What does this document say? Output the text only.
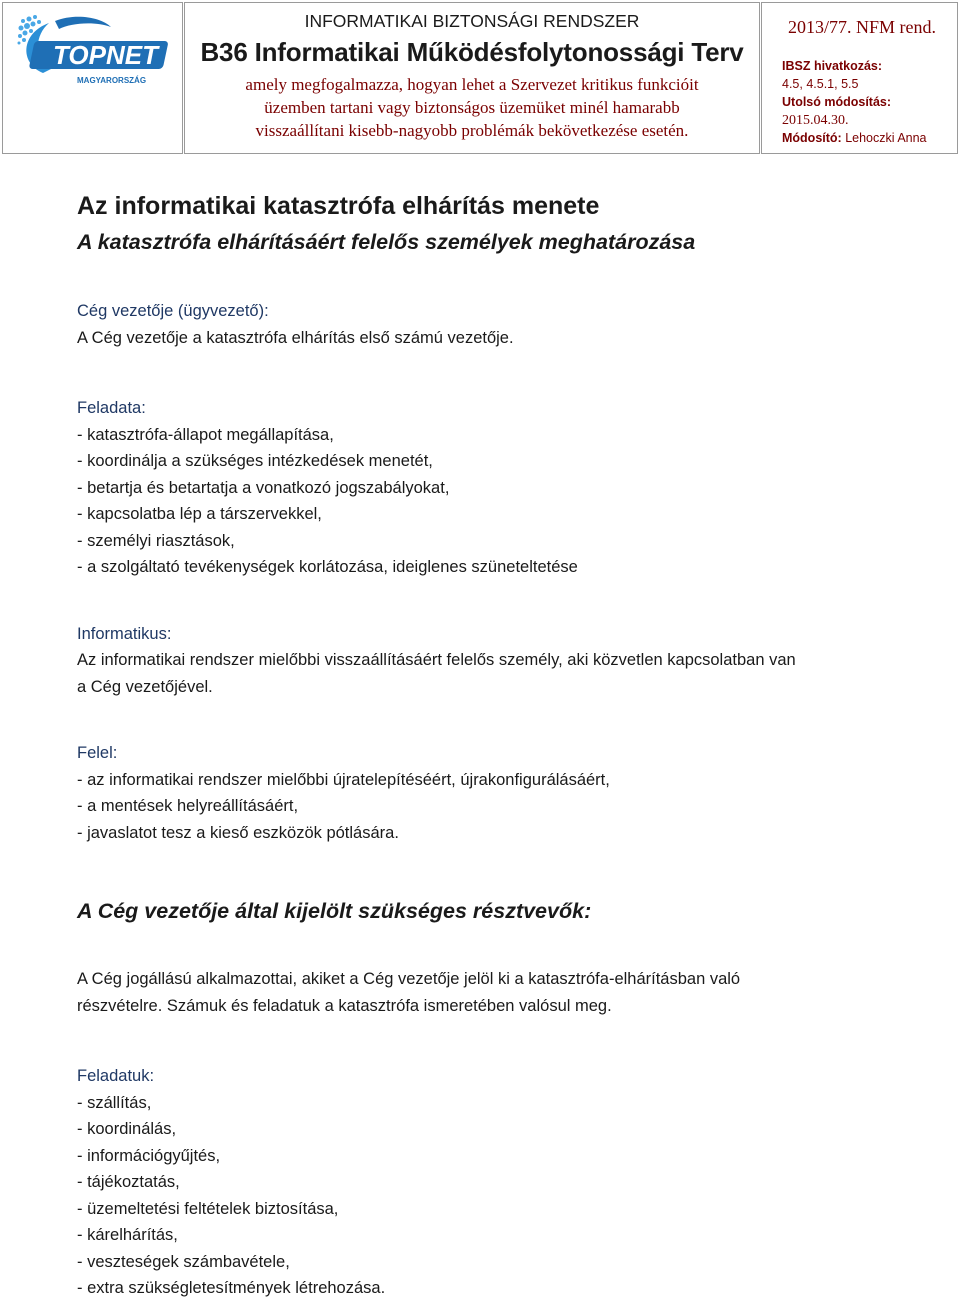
TOPNET
MAGYARORSZÁG
INFORMATIKAI BIZTONSÁGI RENDSZER
B36 Informatikai Működésfolytonossági Terv
amely megfogalmazza, hogyan lehet a Szervezet kritikus funkcióit
üzemben tartani vagy biztonságos üzemüket minél hamarabb
visszaállítani kisebb-nagyobb problémák bekövetkezése esetén.
2013/77. NFM rend.
IBSZ hivatkozás:
4.5, 4.5.1, 5.5
Utolsó módosítás:
2015.04.30.
Módosító: Lehoczki Anna
Az informatikai katasztrófa elhárítás menete
A katasztrófa elhárításáért felelős személyek meghatározása

Cég vezetője (ügyvezető):

A Cég vezetője a katasztrófa elhárítás első számú vezetője.

Feladata:

- katasztrófa-állapot megállapítása,
- koordinálja a szükséges intézkedések menetét,
- betartja és betartatja a vonatkozó jogszabályokat,
- kapcsolatba lép a társzervekkel,
- személyi riasztások,
- a szolgáltató tevékenységek korlátozása, ideiglenes szüneteltetése

Informatikus:

Az informatikai rendszer mielőbbi visszaállításáért felelős személy, aki közvetlen kapcsolatban van

a Cég vezetőjével.

Felel:

- az informatikai rendszer mielőbbi újratelepítéséért, újrakonfigurálásáért,
- a mentések helyreállításáért,
- javaslatot tesz a kieső eszközök pótlására.
A Cég vezetője által kijelölt szükséges résztvevők:

A Cég jogállású alkalmazottai, akiket a Cég vezetője jelöl ki a katasztrófa-elhárításban való

részvételre. Számuk és feladatuk a katasztrófa ismeretében valósul meg.

Feladatuk:

- szállítás,
- koordinálás,
- információgyűjtés,
- tájékoztatás,
- üzemeltetési feltételek biztosítása,
- kárelhárítás,
- veszteségek számbavétele,
- extra szükségletesítmények létrehozása.
